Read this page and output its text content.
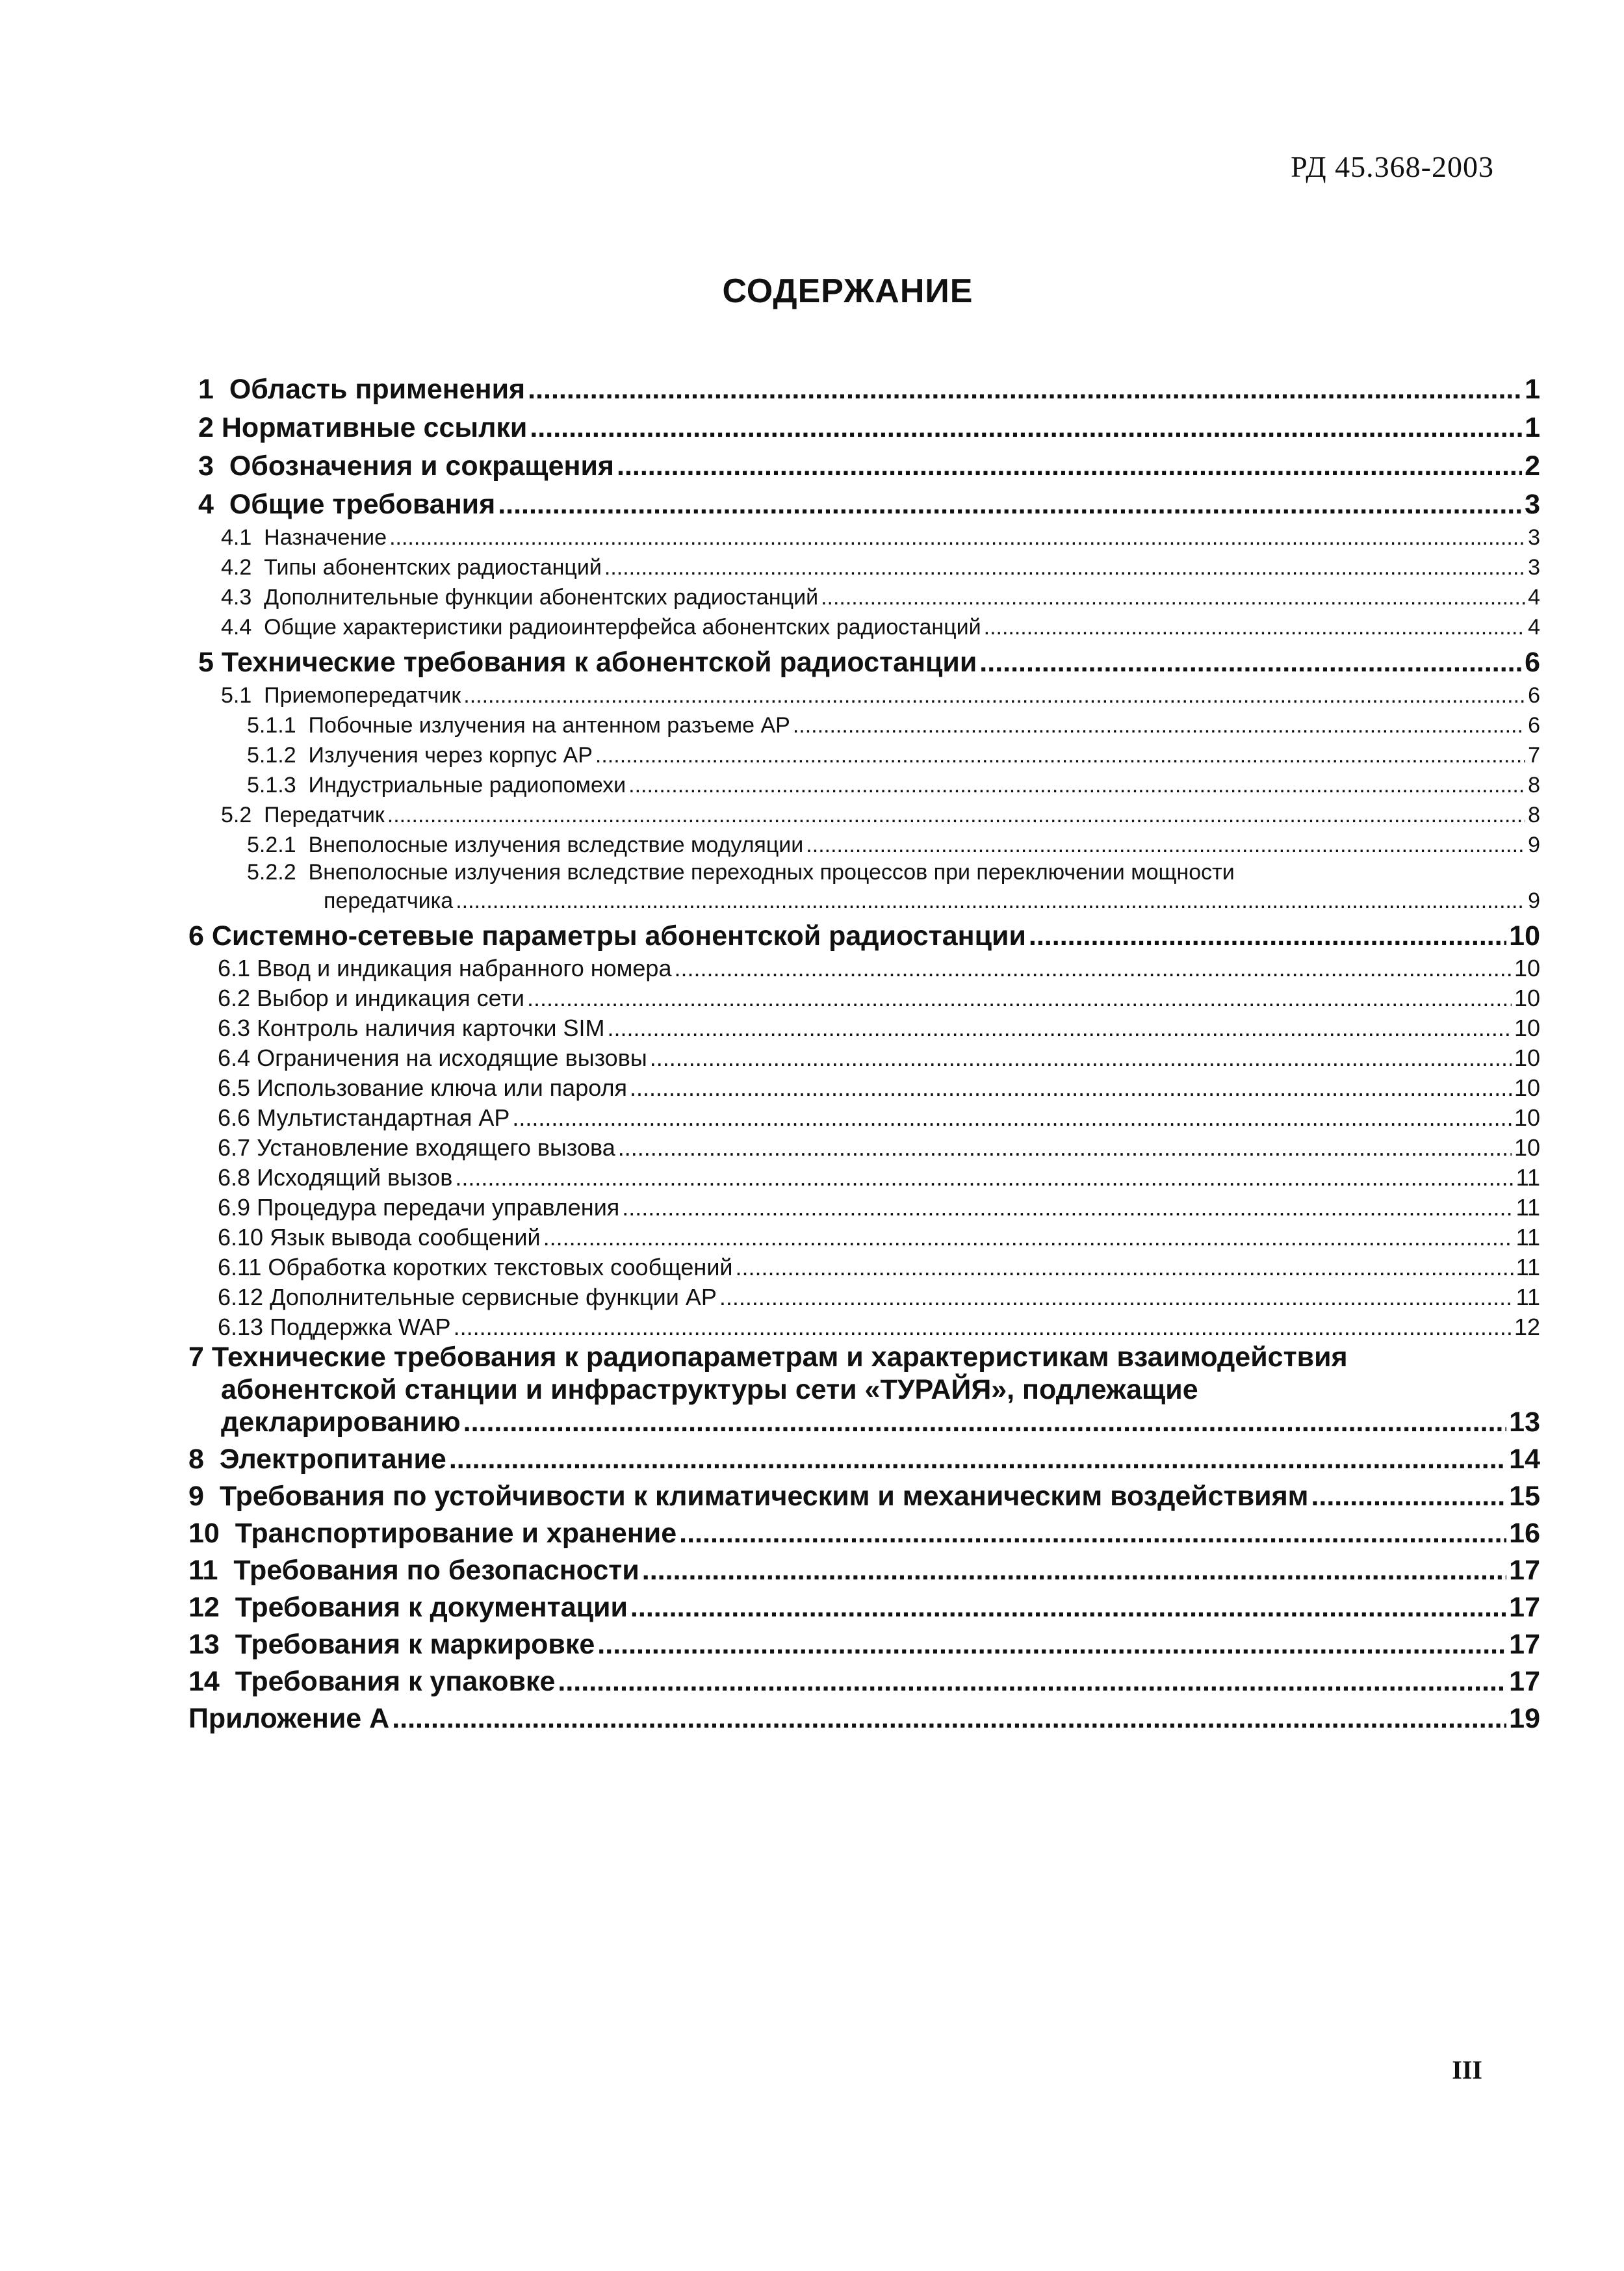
РД 45.368-2003
СОДЕРЖАНИЕ
1 Область применения .....	1
2 Нормативные ссылки .....	1
3 Обозначения и сокращения .....	2
4 Общие требования .....	3
4.1 Назначение .....	3
4.2 Типы абонентских радиостанций .....	3
4.3 Дополнительные функции абонентских радиостанций .....	4
4.4 Общие характеристики радиоинтерфейса абонентских радиостанций .....	4
5 Технические требования к абонентской радиостанции .....	6
5.1 Приемопередатчик .....	6
5.1.1 Побочные излучения на антенном разъеме АР .....	6
5.1.2 Излучения через корпус АР .....	7
5.1.3 Индустриальные радиопомехи .....	8
5.2 Передатчик .....	8
5.2.1 Внеполосные излучения вследствие модуляции .....	9
5.2.2 Внеполосные излучения вследствие переходных процессов при переключении мощности
передатчика .....	9
6 Системно-сетевые параметры абонентской радиостанции .....	10
6.1 Ввод и индикация набранного номера .....	10
6.2 Выбор и индикация сети .....	10
6.3 Контроль наличия карточки SIM .....	10
6.4 Ограничения на исходящие вызовы .....	10
6.5 Использование ключа или пароля .....	10
6.6 Мультистандартная АР .....	10
6.7 Установление входящего вызова .....	10
6.8 Исходящий вызов .....	11
6.9 Процедура передачи управления .....	11
6.10 Язык вывода сообщений .....	11
6.11 Обработка коротких текстовых сообщений .....	11
6.12 Дополнительные сервисные функции АР .....	11
6.13 Поддержка WAP .....	12
7 Технические требования к радиопараметрам и характеристикам взаимодействия
абонентской станции и инфраструктуры сети «ТУРАЙЯ», подлежащие
декларированию .....	13
8 Электропитание .....	14
9 Требования по устойчивости к климатическим и механическим воздействиям .....	15
10 Транспортирование и хранение .....	16
11 Требования по безопасности .....	17
12 Требования к документации .....	17
13 Требования к маркировке .....	17
14 Требования к упаковке .....	17
Приложение А .....	19
III
